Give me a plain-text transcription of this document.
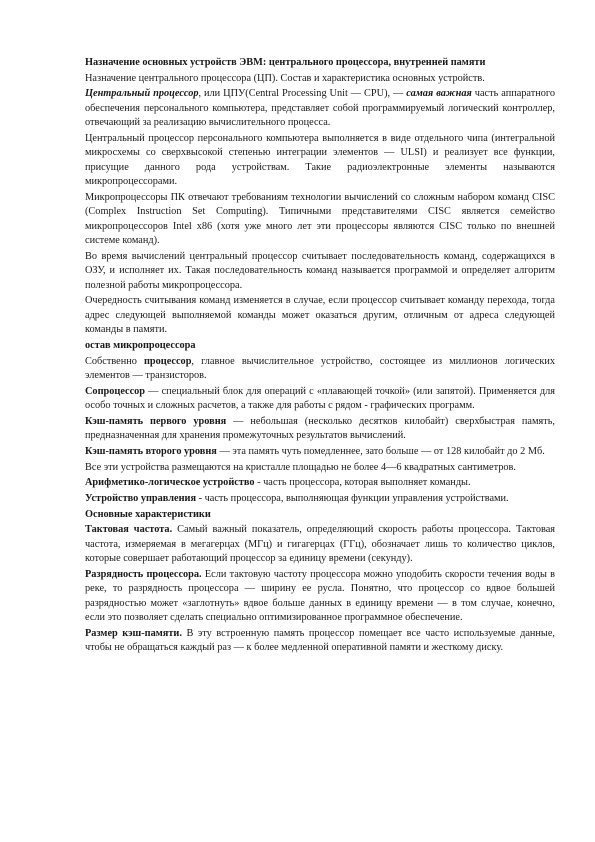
Назначение основных устройств ЭВМ: центрального процессора, внутренней памяти

Назначение центрального процессора (ЦП). Состав и характеристика основных устройств.

Центральный процессор, или ЦПУ(Central Processing Unit — CPU), — самая важная часть аппаратного обеспечения персонального компьютера, представляет собой программируемый логический контроллер, отвечающий за реализацию вычислительного процесса.

Центральный процессор персонального компьютера выполняется в виде отдельного чипа (интегральной микросхемы со сверхвысокой степенью интеграции элементов — ULSI) и реализует все функции, присущие данного рода устройствам. Такие радиоэлектронные элементы называются микропроцессорами.

Микропроцессоры ПК отвечают требованиям технологии вычислений со сложным набором команд CISC (Complex Instruction Set Computing). Типичными представителями CISC является семейство микропроцессоров Intel x86 (хотя уже много лет эти процессоры являются CISC только по внешней системе команд).

Во время вычислений центральный процессор считывает последовательность команд, содержащихся в ОЗУ, и исполняет их. Такая последовательность команд называется программой и определяет алгоритм полезной работы микропроцессора.

Очередность считывания команд изменяется в случае, если процессор считывает команду перехода, тогда адрес следующей выполняемой команды может оказаться другим, отличным от адреса следующей команды в памяти.

остав микропроцессора

Собственно процессор, главное вычислительное устройство, состоящее из миллионов логических элементов — транзисторов.

Сопроцессор — специальный блок для операций с «плавающей точкой» (или запятой). Применяется для особо точных и сложных расчетов, а также для работы с рядом - графических программ.

Кэш-память первого уровня — небольшая (несколько десятков килобайт) сверхбыстрая память, предназначенная для хранения промежуточных результатов вычислений.

Кэш-память второго уровня — эта память чуть помедленнее, зато больше — от 128 килобайт до 2 Мб.

Все эти устройства размещаются на кристалле площадью не более 4—6 квадратных сантиметров.

Арифметико-логическое устройство - часть процессора, которая выполняет команды.

Устройство управления - часть процессора, выполняющая функции управления устройствами.

Основные характеристики

Тактовая частота. Самый важный показатель, определяющий скорость работы процессора. Тактовая частота, измеряемая в мегагерцах (МГц) и гигагерцах (ГГц), обозначает лишь то количество циклов, которые совершает работающий процессор за единицу времени (секунду).

Разрядность процессора. Если тактовую частоту процессора можно уподобить скорости течения воды в реке, то разрядность процессора — ширину ее русла. Понятно, что процессор со вдвое большей разрядностью может «заглотнуть» вдвое больше данных в единицу времени — в том случае, конечно, если это позволяет сделать специально оптимизированное программное обеспечение.

Размер кэш-памяти. В эту встроенную память процессор помещает все часто используемые данные, чтобы не обращаться каждый раз — к более медленной оперативной памяти и жесткому диску.
